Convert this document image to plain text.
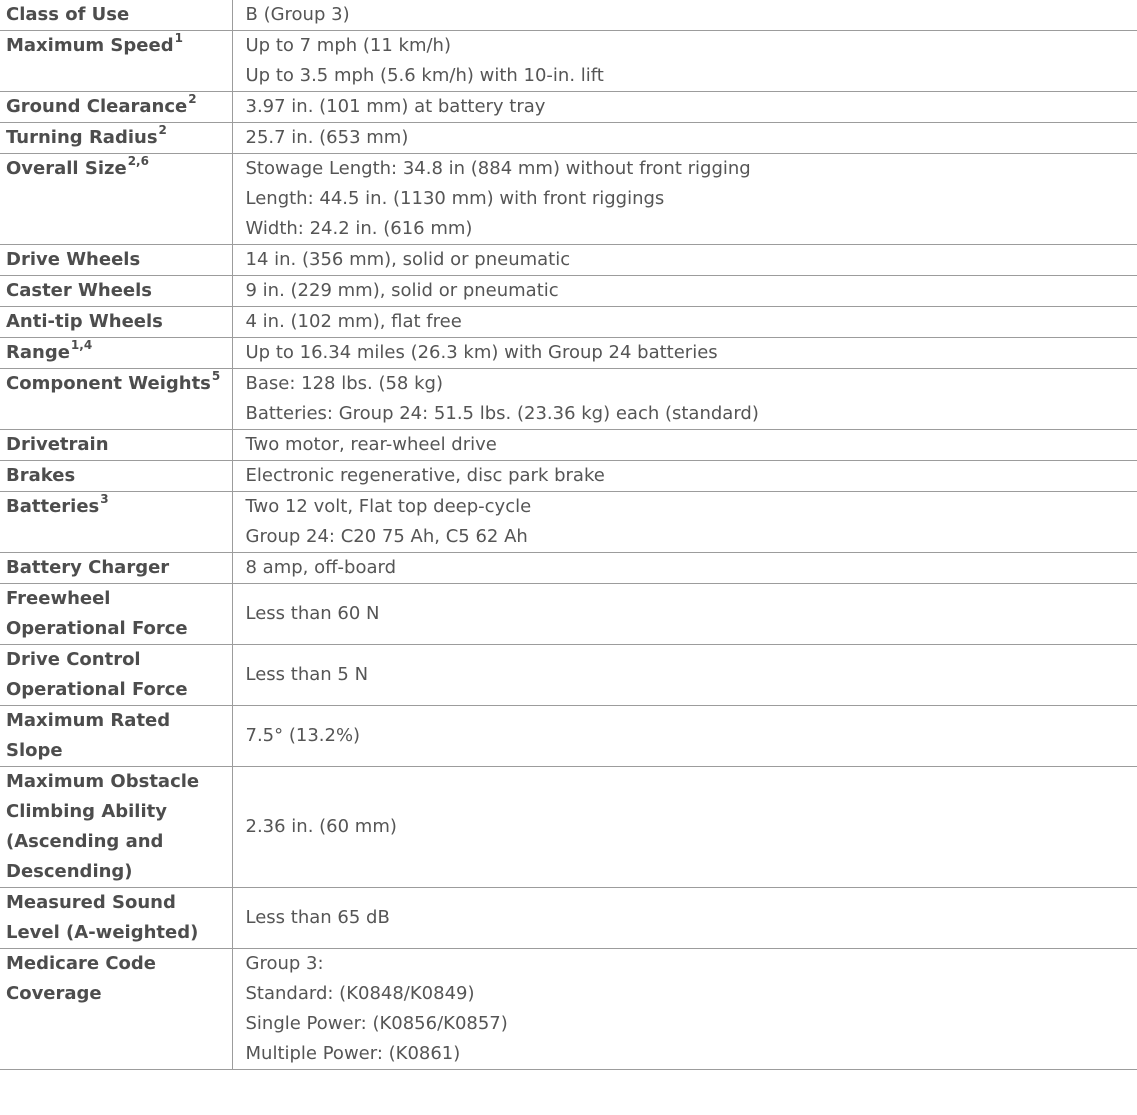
Class of Use	B (Group 3)

Maximum Speed$^1$	Up to 7 mph (11 km/h)
Up to 3.5 mph (5.6 km/h) with 10-in. lift

Ground Clearance$^2$	3.97 in. (101 mm) at battery tray

Turning Radius$^2$	25.7 in. (653 mm)

Overall Size$^{2,6}$	Stowage Length: 34.8 in (884 mm) without front rigging
Length: 44.5 in. (1130 mm) with front riggings
Width: 24.2 in. (616 mm)

Drive Wheels	14 in. (356 mm), solid or pneumatic

Caster Wheels	9 in. (229 mm), solid or pneumatic

Anti-tip Wheels	4 in. (102 mm), flat free

Range$^{1,4}$	Up to 16.34 miles (26.3 km) with Group 24 batteries

Component Weights$^5$	Base: 128 lbs. (58 kg)
Batteries: Group 24: 51.5 lbs. (23.36 kg) each (standard)

Drivetrain	Two motor, rear-wheel drive

Brakes	Electronic regenerative, disc park brake

Batteries$^3$	Two 12 volt, Flat top deep-cycle
Group 24: C20 75 Ah, C5 62 Ah

Battery Charger	8 amp, off-board

Freewheel Operational Force	Less than 60 N

Drive Control Operational Force	Less than 5 N

Maximum Rated Slope	7.5° (13.2%)

Maximum Obstacle Climbing Ability (Ascending and Descending)	2.36 in. (60 mm)

Measured Sound Level (A-weighted)	Less than 65 dB

Medicare Code Coverage	Group 3:
Standard: (K0848/K0849)
Single Power: (K0856/K0857)
Multiple Power: (K0861)
